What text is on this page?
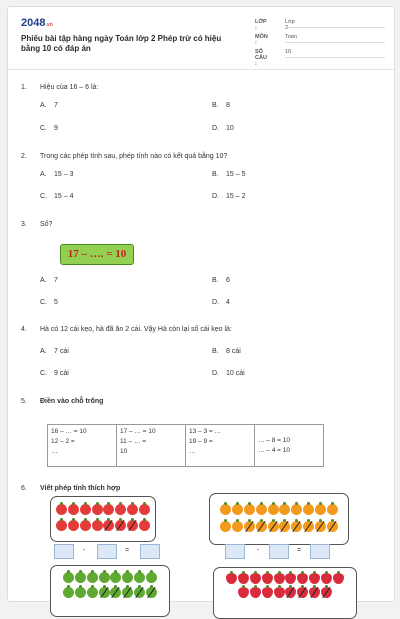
2048.vn
Phiếu bài tập hàng ngày Toán lớp 2 Phép trừ có hiệu bằng 10 có đáp án
LỚP :
Lớp 2
MÔN :
Toán
SỐ CÂU :
10
1. Hiệu của 16 – 6 là:
A. 7	B. 8
C. 9	D. 10
2. Trong các phép tính sau, phép tính nào có kết quả bằng 10?
A. 15 – 3	B. 15 – 5
C. 15 – 4	D. 15 – 2
3. Số?
17 – …. = 10
A. 7	B. 6
C. 5	D. 4
4. Hà có 12 cái kẹo, hà đã ăn 2 cái. Vậy Hà còn lại số cái kẹo là:
A. 7 cái	B. 8 cái
C. 9 cái	D. 10 cái
5. Điền vào chỗ trống
16 – … = 10
12 – 2 =
…

17 – … = 10
11 – … =
10

13 – 3 = …
19 – 9 =
…

… – 8 = 10
… – 4 = 10
6. Viết phép tính thích hợp
-	=	-	=
